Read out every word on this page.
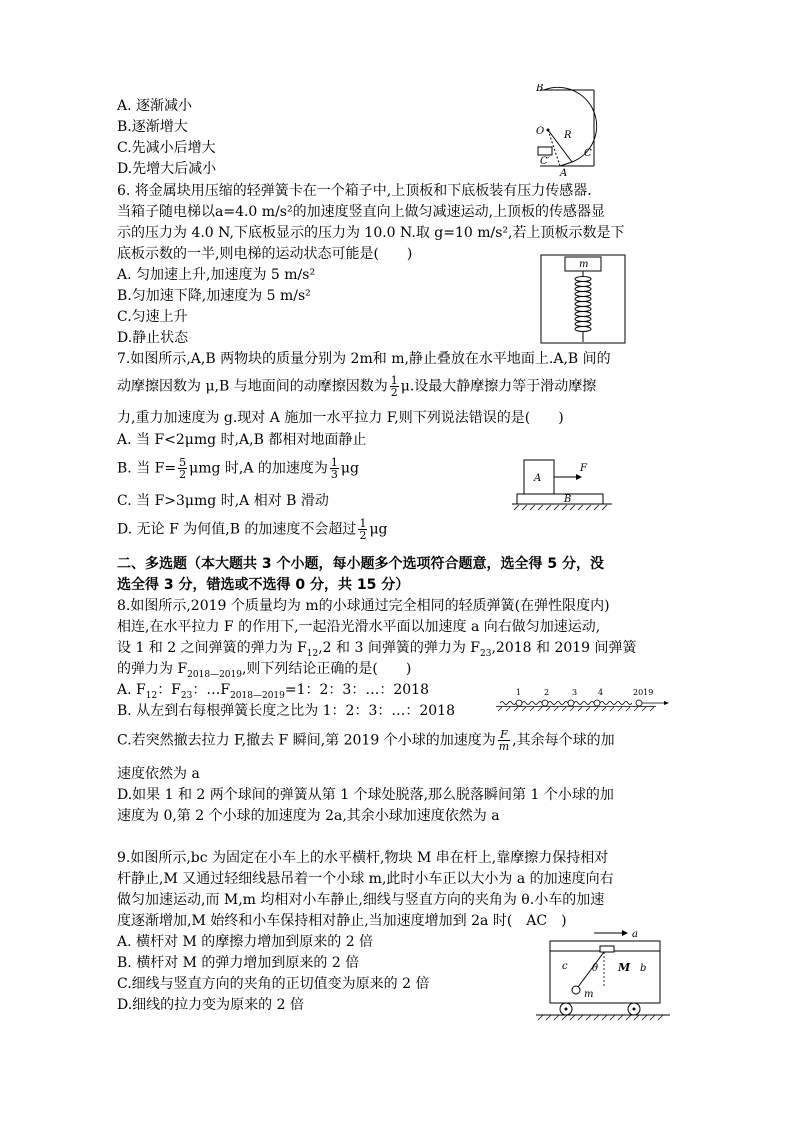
A. 逐渐减小
B.逐渐增大
C.先减小后增大
D.先增大后减小
B
O R
C
A
C′
6. 将金属块用压缩的轻弹簧卡在一个箱子中,上顶板和下底板装有压力传感器.
当箱子随电梯以a=4.0 m/s²的加速度竖直向上做匀减速运动,上顶板的传感器显
示的压力为 4.0 N,下底板显示的压力为 10.0 N.取 g=10 m/s²,若上顶板示数是下
底板示数的一半,则电梯的运动状态可能是(　　)
A. 匀加速上升,加速度为 5 m/s²
B.匀加速下降,加速度为 5 m/s²
C.匀速上升
D.静止状态
m
7.如图所示,A,B 两物块的质量分别为 2m和 m,静止叠放在水平地面上.A,B 间的
动摩擦因数为 μ,B 与地面间的动摩擦因数为 $\frac{1}{2} \mu$.设最大静摩擦力等于滑动摩擦
力,重力加速度为 g.现对 A 施加一水平拉力 F,则下列说法错误的是(　　)
A. 当 F<2μmg 时,A,B 都相对地面静止
B. 当 $F= \frac{5}{2}$ μmg 时,A 的加速度为 $\frac{1}{3}$ μg
C. 当 F>3μmg 时,A 相对 B 滑动
D. 无论 F 为何值,B 的加速度不会超过 $\frac{1}{2}$ μg
A
B
F
二、多选题（本大题共 3 个小题，每小题多个选项符合题意，选全得 5 分，没
选全得 3 分，错选或不选得 0 分，共 15 分）
8.如图所示,2019 个质量均为 m的小球通过完全相同的轻质弹簧(在弹性限度内)
相连,在水平拉力 F 的作用下,一起沿光滑水平面以加速度 a 向右做匀加速运动,
设 1 和 2 之间弹簧的弹力为 $F_{12},2$ 和 3 间弹簧的弹力为 $F_{23},2018$ 和 2019 间弹簧
的弹力为 $F_{2018—2019}$,则下列结论正确的是(　　)
A. $F_{12}$：$F_{23}$：$\dots F_{2018—2019}=1$：2：3：…：2018
B. 从左到右每根弹簧长度之比为 1：2：3：…：2018
C.若突然撤去拉力 F,撤去 F 瞬间,第 2019 个小球的加速度为 $\frac{F}{m}$ ,其余每个球的加
速度依然为 a
D.如果 1 和 2 两个球间的弹簧从第 1 个球处脱落,那么脱落瞬间第 1 个小球的加
速度为 0,第 2 个小球的加速度为 2a,其余小球加速度依然为 a
1	2	3	4	2019
9.如图所示,bc 为固定在小车上的水平横杆,物块 M 串在杆上,靠摩擦力保持相对
杆静止,M 又通过轻细线悬吊着一个小球 m,此时小车正以大小为 a 的加速度向右
做匀加速运动,而 M,m 均相对小车静止,细线与竖直方向的夹角为 θ.小车的加速
度逐渐增加,M 始终和小车保持相对静止,当加速度增加到 2a 时(　AC　)
A. 横杆对 M 的摩擦力增加到原来的 2 倍
B. 横杆对 M 的弹力增加到原来的 2 倍
C.细线与竖直方向的夹角的正切值变为原来的 2 倍
D.细线的拉力变为原来的 2 倍
a
c θ M b
m
